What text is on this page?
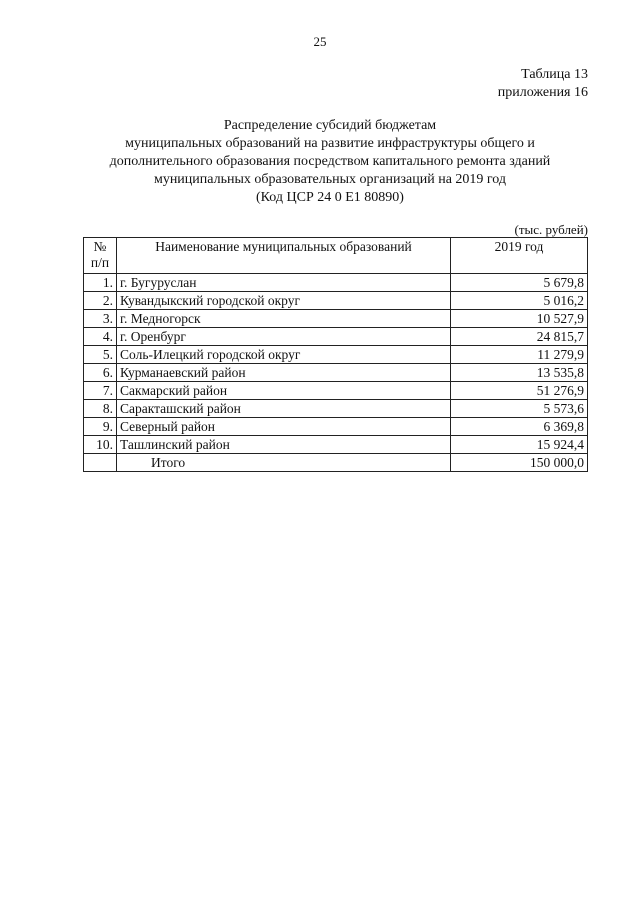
25
Таблица 13
приложения 16
Распределение субсидий бюджетам
муниципальных образований на развитие инфраструктуры общего и
дополнительного образования посредством капитального ремонта зданий
муниципальных образовательных организаций на 2019 год
(Код ЦСР 24 0 Е1 80890)
(тыс. рублей)
№
п/п	Наименование муниципальных образований	2019 год
1.	г. Бугуруслан	5 679,8
2.	Кувандыкский городской округ	5 016,2
3.	г. Медногорск	10 527,9
4.	г. Оренбург	24 815,7
5.	Соль-Илецкий городской округ	11 279,9
6.	Курманаевский район	13 535,8
7.	Сакмарский район	51 276,9
8.	Саракташский район	5 573,6
9.	Северный район	6 369,8
10.	Ташлинский район	15 924,4
	Итого	150 000,0
